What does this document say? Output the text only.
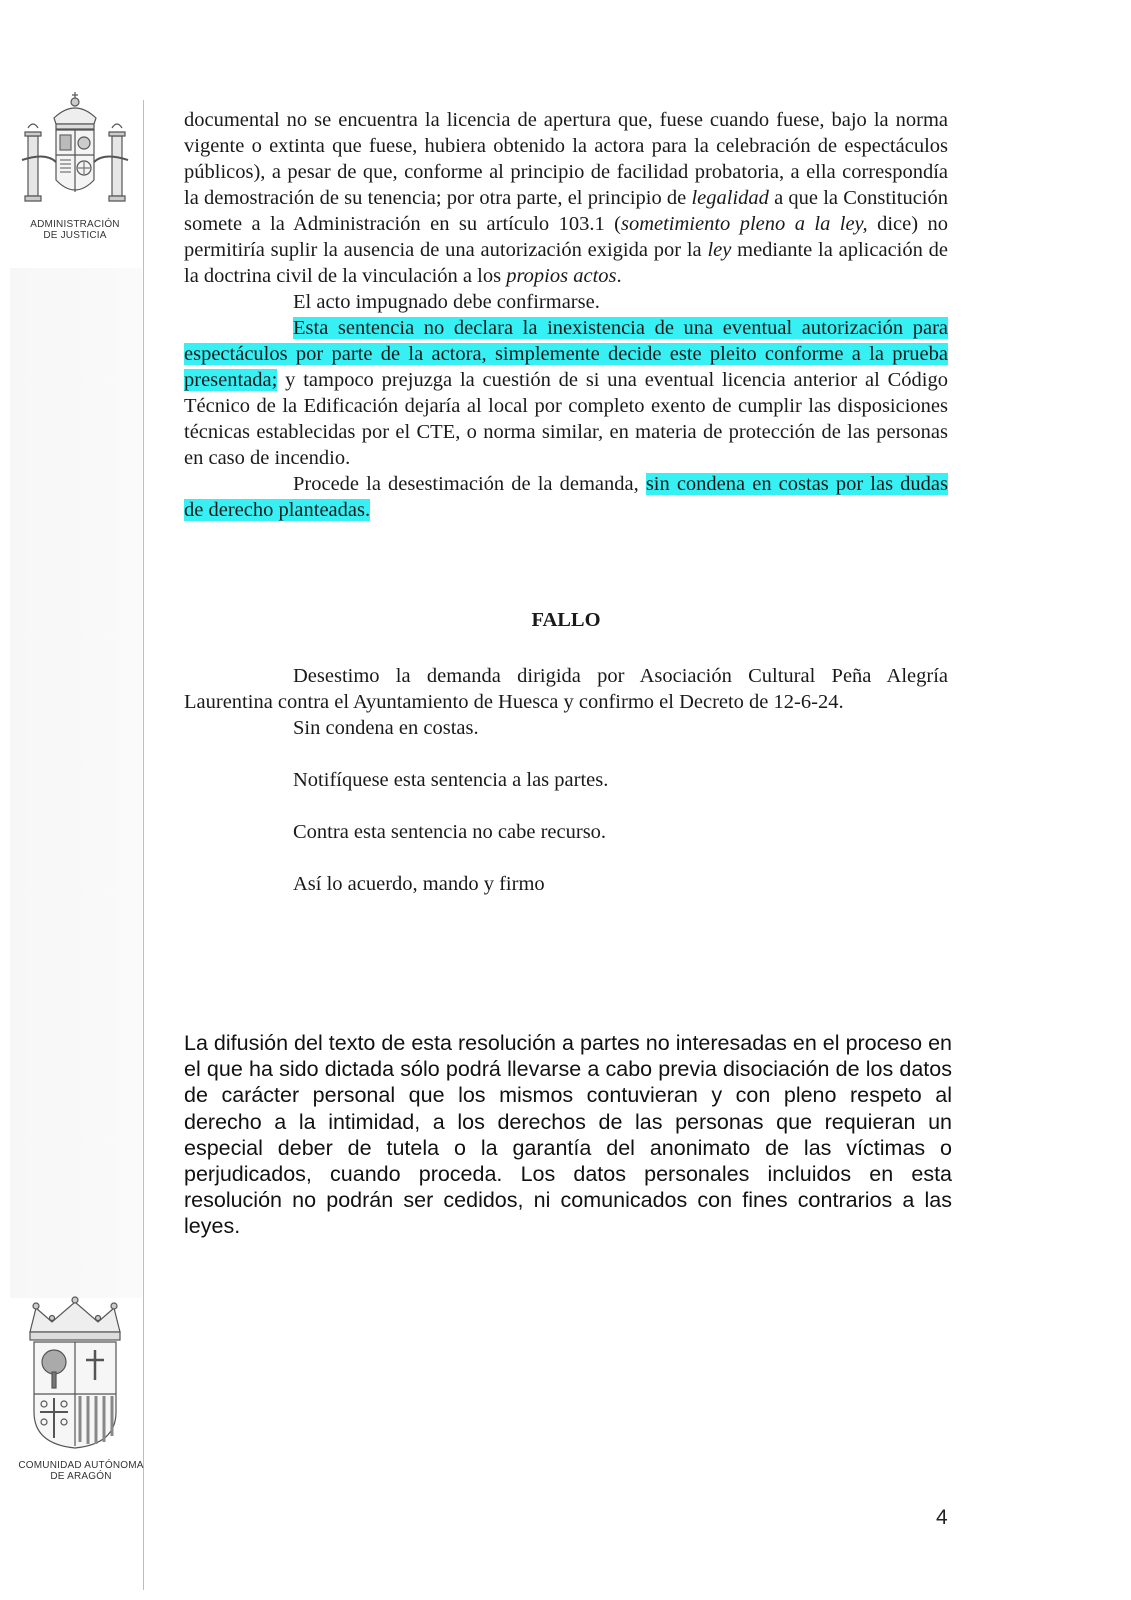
ADMINISTRACIÓN
DE JUSTICIA
COMUNIDAD AUTÓNOMA
DE ARAGÓN

documental no se encuentra la licencia de apertura que, fuese cuando fuese, bajo la norma vigente o extinta que fuese, hubiera obtenido la actora para la celebración de espectáculos públicos), a pesar de que, conforme al principio de facilidad probatoria, a ella correspondía la demostración de su tenencia; por otra parte, el principio de legalidad a que la Constitución somete a la Administración en su artículo 103.1 (sometimiento pleno a la ley, dice) no permitiría suplir la ausencia de una autorización exigida por la ley mediante la aplicación de la doctrina civil de la vinculación a los propios actos.

El acto impugnado debe confirmarse.

Esta sentencia no declara la inexistencia de una eventual autorización para espectáculos por parte de la actora, simplemente decide este pleito conforme a la prueba presentada; y tampoco prejuzga la cuestión de si una eventual licencia anterior al Código Técnico de la Edificación dejaría al local por completo exento de cumplir las disposiciones técnicas establecidas por el CTE, o norma similar, en materia de protección de las personas en caso de incendio.

Procede la desestimación de la demanda, sin condena en costas por las dudas de derecho planteadas.

FALLO

Desestimo la demanda dirigida por Asociación Cultural Peña Alegría Laurentina contra el Ayuntamiento de Huesca y confirmo el Decreto de 12-6-24.

Sin condena en costas.

Notifíquese esta sentencia a las partes.

Contra esta sentencia no cabe recurso.

Así lo acuerdo, mando y firmo

La difusión del texto de esta resolución a partes no interesadas en el proceso en el que ha sido dictada sólo podrá llevarse a cabo previa disociación de los datos de carácter personal que los mismos contuvieran y con pleno respeto al derecho a la intimidad, a los derechos de las personas que requieran un especial deber de tutela o la garantía del anonimato de las víctimas o perjudicados, cuando proceda. Los datos personales incluidos en esta resolución no podrán ser cedidos, ni comunicados con fines contrarios a las leyes.

4
